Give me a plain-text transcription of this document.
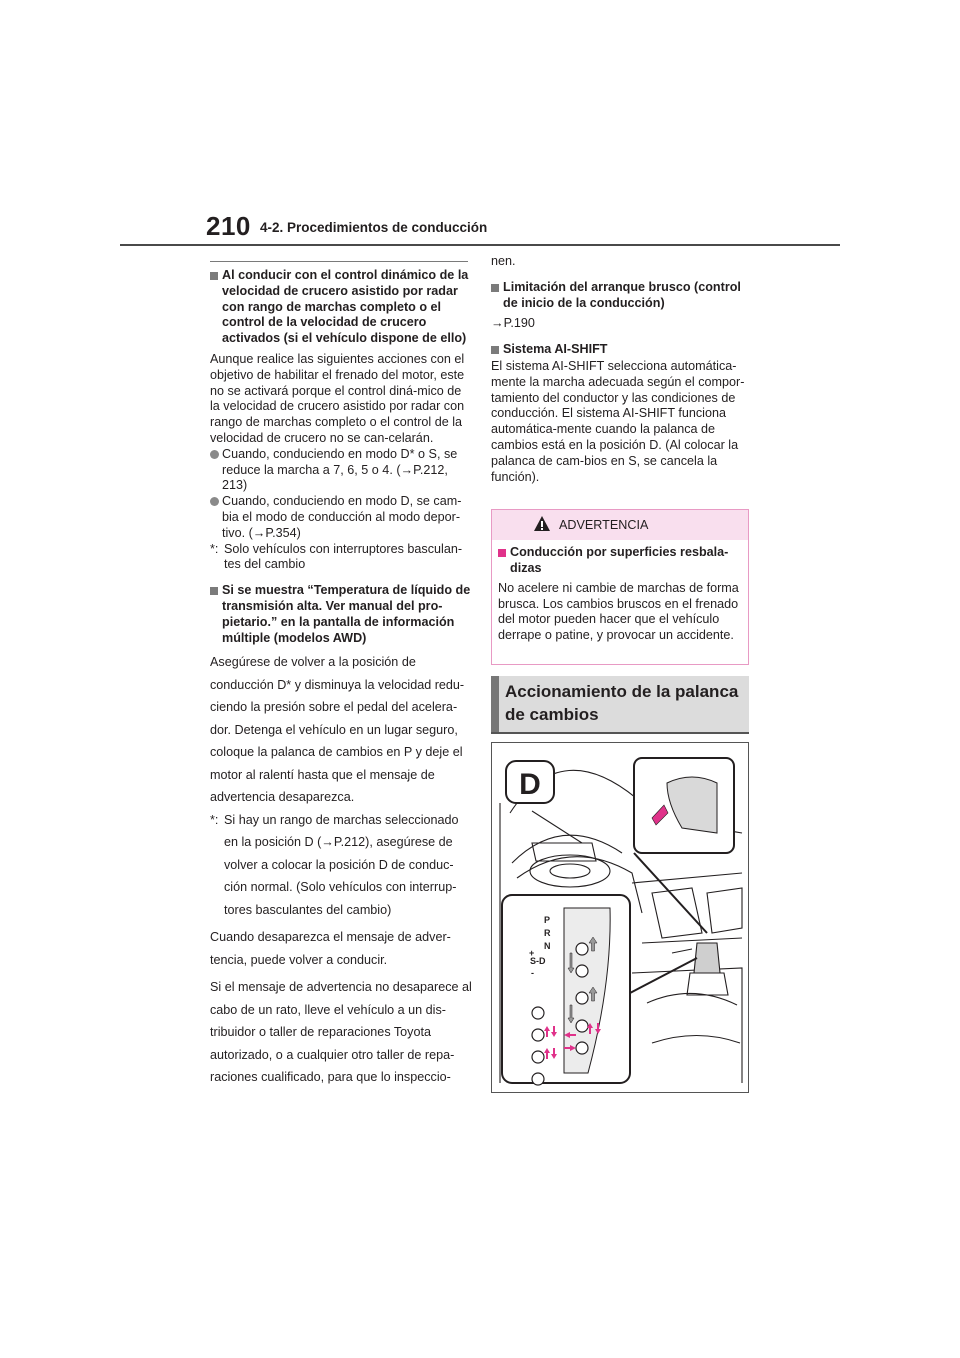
210 4-2. Procedimientos de conducción
Al conducir con el control dinámico de la velocidad de crucero asistido por radar con rango de marchas completo o el control de la velocidad de crucero activados (si el vehículo dispone de ello)

Aunque realice las siguientes acciones con el objetivo de habilitar el frenado del motor, este no se activará porque el control diná-mico de la velocidad de crucero asistido por radar con rango de marchas completo o el control de la velocidad de crucero no se can-celarán.

Cuando, conduciendo en modo D* o S, se reduce la marcha a 7, 6, 5 o 4. (→P.212, 213)
Cuando, conduciendo en modo D, se cam-bia el modo de conducción al modo depor-tivo. (→P.354)
*: Solo vehículos con interruptores basculan-tes del cambio
Si se muestra “Temperatura de líquido de transmisión alta. Ver manual del pro-pietario.” en la pantalla de información múltiple (modelos AWD)

Asegúrese de volver a la posición de conducción D* y disminuya la velocidad redu-ciendo la presión sobre el pedal del acelera-dor. Detenga el vehículo en un lugar seguro, coloque la palanca de cambios en P y deje el motor al ralentí hasta que el mensaje de advertencia desaparezca.

*: Si hay un rango de marchas seleccionado en la posición D (→P.212), asegúrese de volver a colocar la posición D de conduc-ción normal. (Solo vehículos con interrup-tores basculantes del cambio)

Cuando desaparezca el mensaje de adver-tencia, puede volver a conducir.

Si el mensaje de advertencia no desaparece al cabo de un rato, lleve el vehículo a un dis-tribuidor o taller de reparaciones Toyota autorizado, o a cualquier otro taller de repa-raciones cualificado, para que lo inspeccio-

nen.

Limitación del arranque brusco (control de inicio de la conducción)

→P.190

Sistema AI-SHIFT

El sistema AI-SHIFT selecciona automática-mente la marcha adecuada según el compor-tamiento del conductor y las condiciones de conducción. El sistema AI-SHIFT funciona automática-mente cuando la palanca de cambios está en la posición D. (Al colocar la palanca de cam-bios en S, se cancela la función).

ADVERTENCIA
Conducción por superficies resbala-dizas

No acelere ni cambie de marchas de forma brusca. Los cambios bruscos en el frenado del motor pueden hacer que el vehículo derrape o patine, y provocar un accidente.

Accionamiento de la palanca de cambios
D
P
R
N
+
S-D
-
